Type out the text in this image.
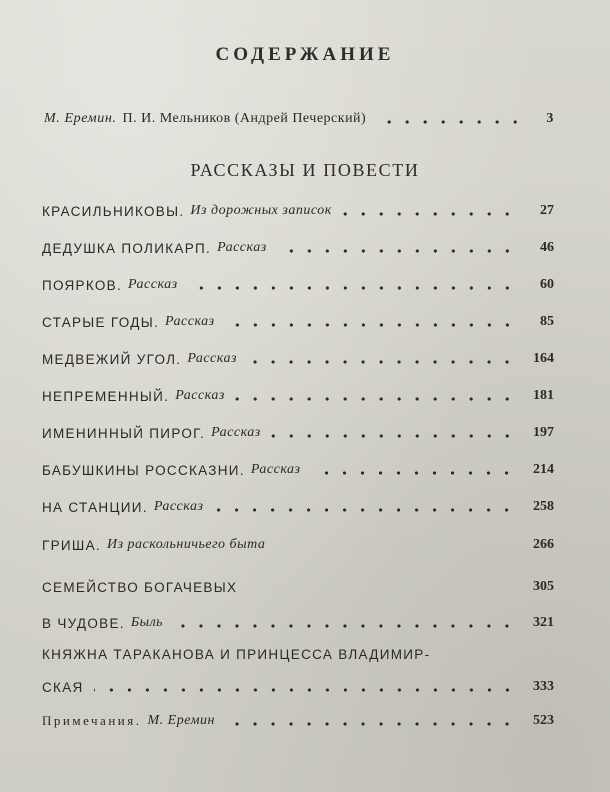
СОДЕРЖАНИЕ
М. Еремин. П. И. Мельников (Андрей Печерский)	3
РАССКАЗЫ И ПОВЕСТИ
КРАСИЛЬНИКОВЫ. Из дорожных записок	27
ДЕДУШКА ПОЛИКАРП. Рассказ	46
ПОЯРКОВ. Рассказ	60
СТАРЫЕ ГОДЫ. Рассказ	85
МЕДВЕЖИЙ УГОЛ. Рассказ	164
НЕПРЕМЕННЫЙ. Рассказ	181
ИМЕНИННЫЙ ПИРОГ. Рассказ	197
БАБУШКИНЫ РОССКАЗНИ. Рассказ	214
НА СТАНЦИИ. Рассказ	258
ГРИША. Из раскольничьего быта	266
СЕМЕЙСТВО БОГАЧЕВЫХ	305
В ЧУДОВЕ. Быль	321
КНЯЖНА ТАРАКАНОВА И ПРИНЦЕССА ВЛАДИМИР-
СКАЯ	333
Примечания. М. Еремин	523
